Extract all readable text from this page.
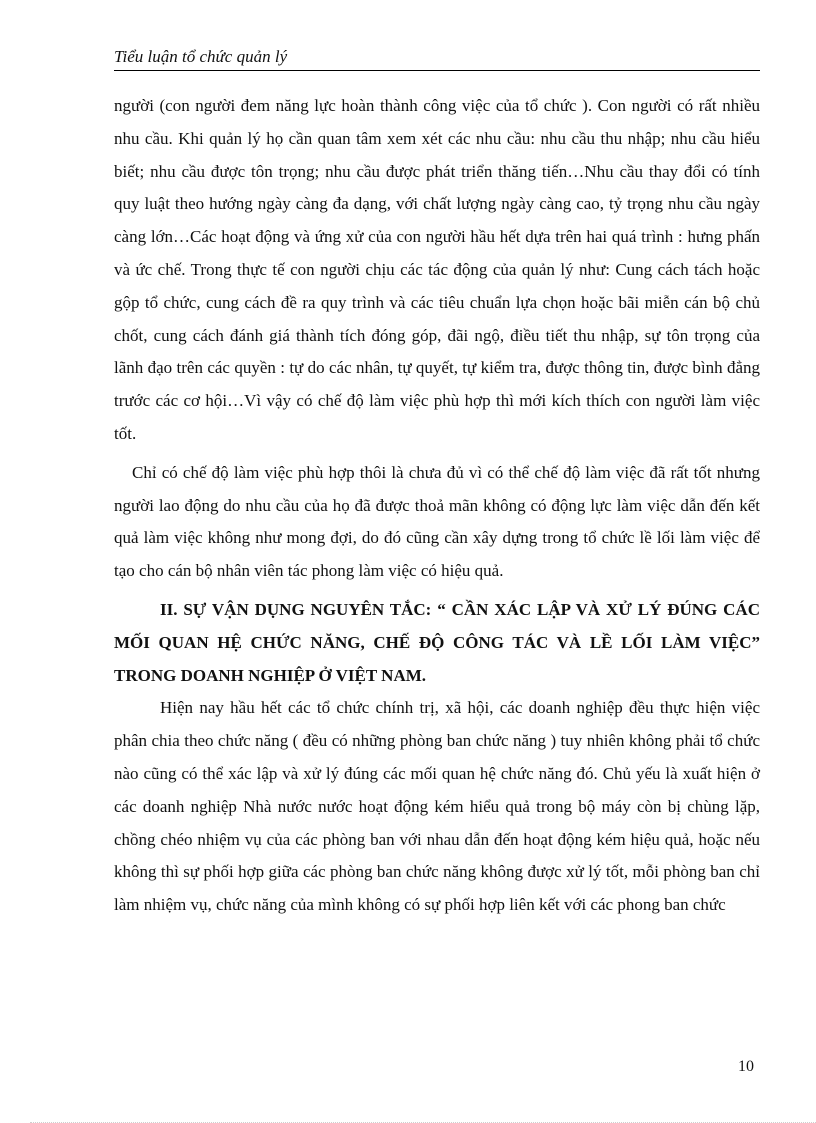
Tiểu luận tổ chức quản lý

người (con người đem năng lực hoàn thành công việc của tổ chức ). Con người có rất nhiều nhu cầu. Khi quản lý họ cần quan tâm xem xét các nhu cầu: nhu cầu thu nhập; nhu cầu hiểu biết; nhu cầu được tôn trọng; nhu cầu được phát triển thăng tiến…Nhu cầu thay đổi có tính quy luật theo hướng ngày càng đa dạng, với chất lượng ngày càng cao, tỷ trọng nhu cầu ngày càng lớn…Các hoạt động và ứng xử của con người hầu hết dựa trên hai quá trình : hưng phấn và ức chế. Trong thực tế con người chịu các tác động của quản lý như: Cung cách tách hoặc gộp tổ chức, cung cách đề ra quy trình và các tiêu chuẩn lựa chọn hoặc bãi miễn cán bộ chủ chốt, cung cách đánh giá thành tích đóng góp, đãi ngộ, điều tiết thu nhập, sự tôn trọng của lãnh đạo trên các quyền : tự do các nhân, tự quyết, tự kiểm tra, được thông tin, được bình đẳng trước các cơ hội…Vì vậy có chế độ làm việc phù hợp thì mới kích thích con người làm việc tốt.

Chỉ có chế độ làm việc phù hợp thôi là chưa đủ vì có thể chế độ làm việc đã rất tốt nhưng người lao động do nhu cầu của họ đã được thoả mãn không có động lực làm việc dẫn đến kết quả làm việc không như mong đợi, do đó cũng cần xây dựng trong tổ chức lề lối làm việc để tạo cho cán bộ nhân viên tác phong làm việc có hiệu quả.

II. SỰ VẬN DỤNG NGUYÊN TẮC: “ CẦN XÁC LẬP VÀ XỬ LÝ ĐÚNG CÁC MỐI QUAN HỆ CHỨC NĂNG, CHẾ ĐỘ CÔNG TÁC VÀ LỀ LỐI LÀM VIỆC” TRONG DOANH NGHIỆP Ở VIỆT NAM.

Hiện nay hầu hết các tổ chức chính trị, xã hội, các doanh nghiệp đều thực hiện việc phân chia theo chức năng ( đều có những phòng ban chức năng ) tuy nhiên không phải tổ chức nào cũng có thể xác lập và xử lý đúng các mối quan hệ chức năng đó. Chủ yếu là xuất hiện ở các doanh nghiệp Nhà nước nước hoạt động kém hiểu quả trong bộ máy còn bị chùng lặp, chồng chéo nhiệm vụ của các phòng ban với nhau dẫn đến hoạt động kém hiệu quả, hoặc nếu không thì sự phối hợp giữa các phòng ban chức năng không được xử lý tốt, mỗi phòng ban chỉ làm nhiệm vụ, chức năng của mình không có sự phối hợp liên kết với các phong ban chức

10
